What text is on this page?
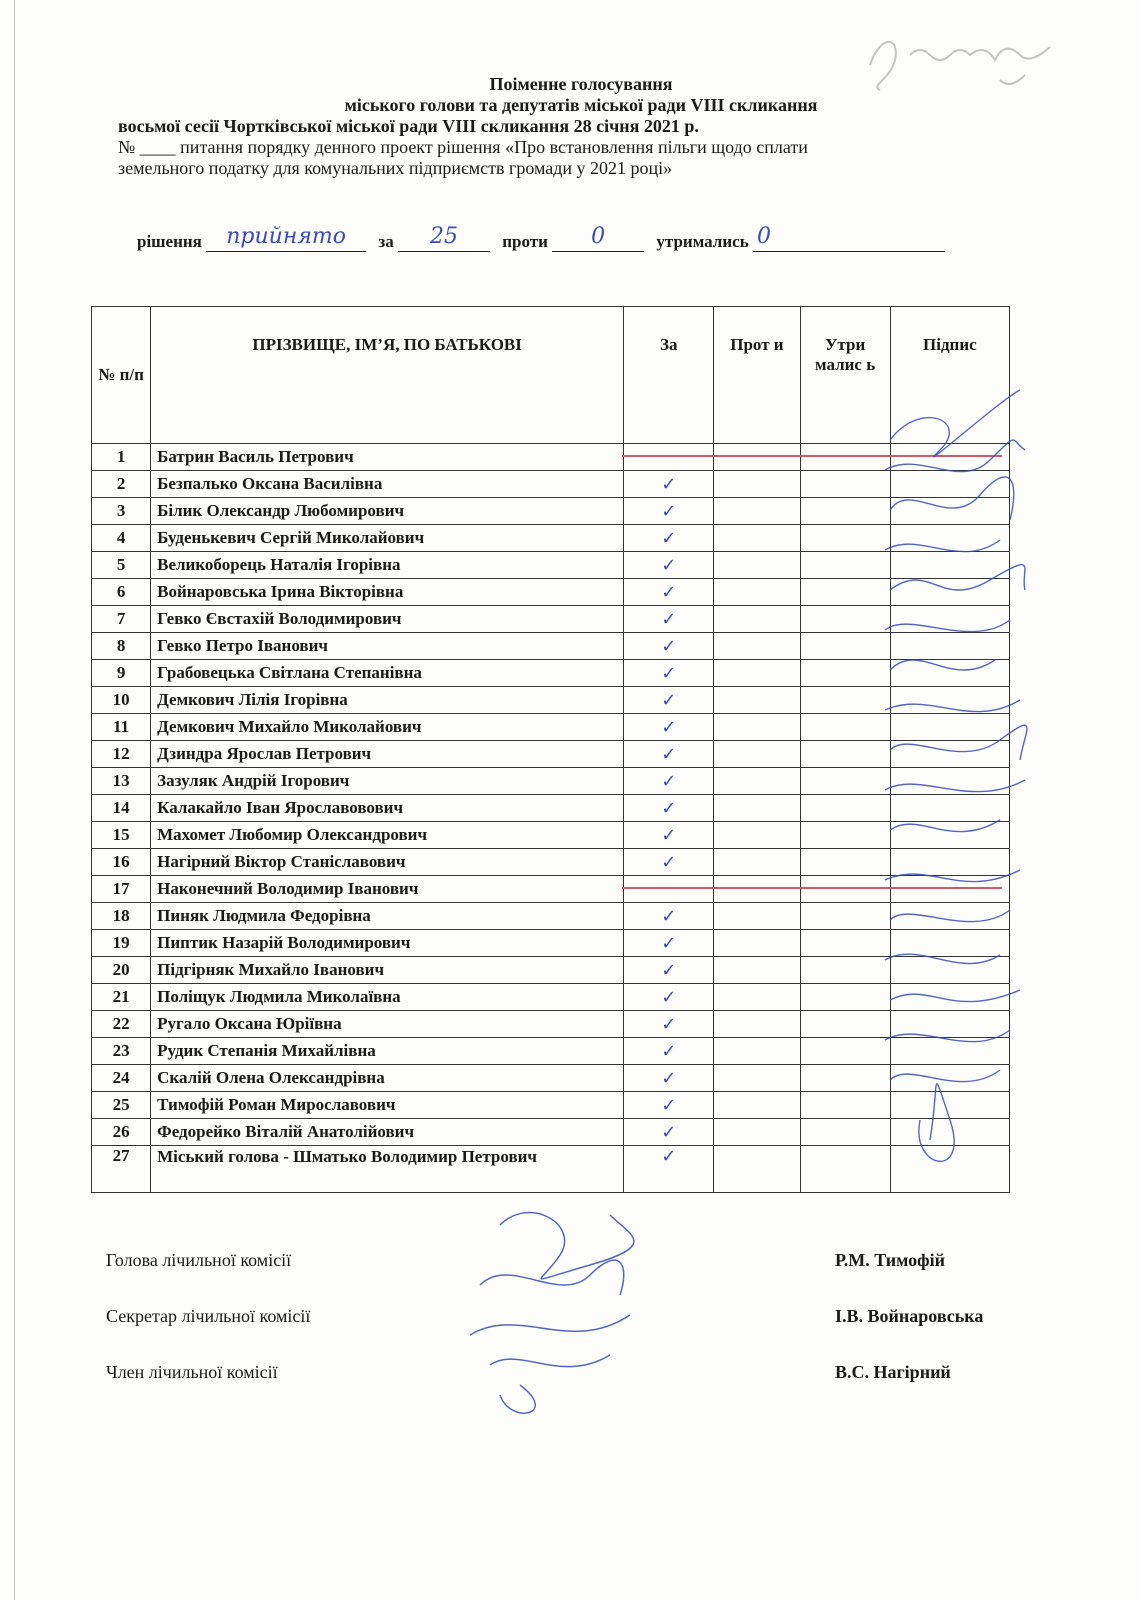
Поіменне голосування
міського голови та депутатів міської ради VIII скликання
восьмої сесії Чортківської міської ради VIII скликання 28 січня 2021 р.
№ ____ питання порядку денного проект рішення «Про встановлення пільги щодо сплати
земельного податку для комунальних підприємств громади у 2021 році»
рішення	прийнято	за	25	проти	0	утримались 0
№ п/п	ПРІЗВИЩЕ, ІМ’Я, ПО БАТЬКОВІ	За	Прот и	Утри малис ь	Підпис
1	Батрин Василь Петрович	

2	Безпалько Оксана Василівна	✓			
3	Білик Олександр Любомирович	✓			
4	Буденькевич Сергій Миколайович	✓			
5	Великоборець Наталія Ігорівна	✓			
6	Войнаровська Ірина Вікторівна	✓			
7	Гевко Євстахій Володимирович	✓			
8	Гевко Петро Іванович	✓			
9	Грабовецька Світлана Степанівна	✓			
10	Демкович Лілія Ігорівна	✓			
11	Демкович Михайло Миколайович	✓			
12	Дзиндра Ярослав Петрович	✓			
13	Зазуляк Андрій Ігорович	✓			
14	Калакайло Іван Ярославовович	✓			
15	Махомет Любомир Олександрович	✓			
16	Нагірний Віктор Станіславович	✓			
17	Наконечний Володимир Іванович	

18	Пиняк Людмила Федорівна	✓			
19	Пиптик Назарій Володимирович	✓			
20	Підгірняк Михайло Іванович	✓			
21	Поліщук Людмила Миколаївна	✓			
22	Ругало Оксана Юріївна	✓			
23	Рудик Степанія Михайлівна	✓			
24	Скалій Олена Олександрівна	✓			
25	Тимофій Роман Мирославович	✓			
26	Федорейко Віталій Анатолійович	✓			
27	Міський голова - Шматько Володимир Петрович	✓			
Голова лічильної комісії	Р.М. Тимофій
Секретар лічильної комісії	І.В. Войнаровська
Член лічильної комісії	В.С. Нагірний
